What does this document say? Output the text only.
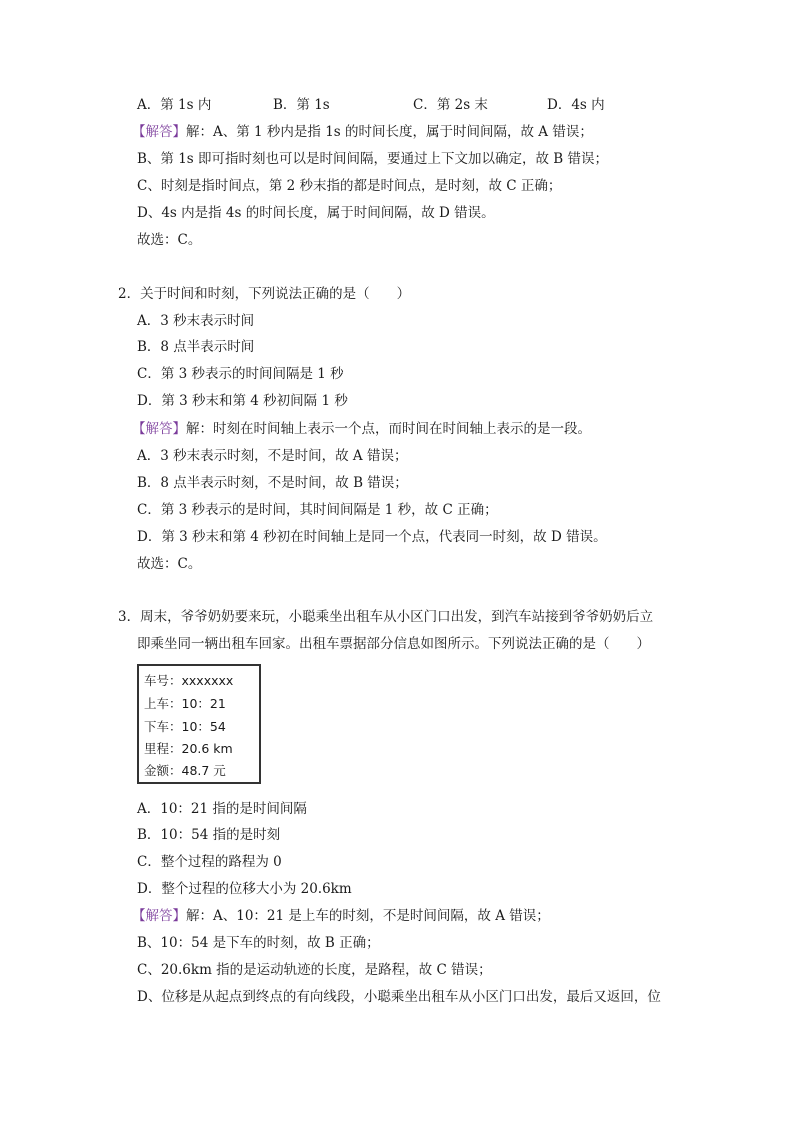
A．第 1s 内	B．第 1s	C．第 2s 末	D．4s 内
【解答】解：A、第 1 秒内是指 1s 的时间长度，属于时间间隔，故 A 错误；
B、第 1s 即可指时刻也可以是时间间隔，要通过上下文加以确定，故 B 错误；
C、时刻是指时间点，第 2 秒末指的都是时间点，是时刻，故 C 正确；
D、4s 内是指 4s 的时间长度，属于时间间隔，故 D 错误。
故选：C。
2．关于时间和时刻，下列说法正确的是（　　）
A．3 秒末表示时间
B．8 点半表示时间
C．第 3 秒表示的时间间隔是 1 秒
D．第 3 秒末和第 4 秒初间隔 1 秒
【解答】解：时刻在时间轴上表示一个点，而时间在时间轴上表示的是一段。
A．3 秒末表示时刻，不是时间，故 A 错误；
B．8 点半表示时刻，不是时间，故 B 错误；
C．第 3 秒表示的是时间，其时间间隔是 1 秒，故 C 正确；
D．第 3 秒末和第 4 秒初在时间轴上是同一个点，代表同一时刻，故 D 错误。
故选：C。
3．周末，爷爷奶奶要来玩，小聪乘坐出租车从小区门口出发，到汽车站接到爷爷奶奶后立
即乘坐同一辆出租车回家。出租车票据部分信息如图所示。下列说法正确的是（　　）
车号：xxxxxxx
上车：10：21
下车：10：54
里程：20.6 km
金额：48.7 元
A．10：21 指的是时间间隔
B．10：54 指的是时刻
C．整个过程的路程为 0
D．整个过程的位移大小为 20.6km
【解答】解：A、10：21 是上车的时刻，不是时间间隔，故 A 错误；
B、10：54 是下车的时刻，故 B 正确；
C、20.6km 指的是运动轨迹的长度，是路程，故 C 错误；
D、位移是从起点到终点的有向线段，小聪乘坐出租车从小区门口出发，最后又返回，位
